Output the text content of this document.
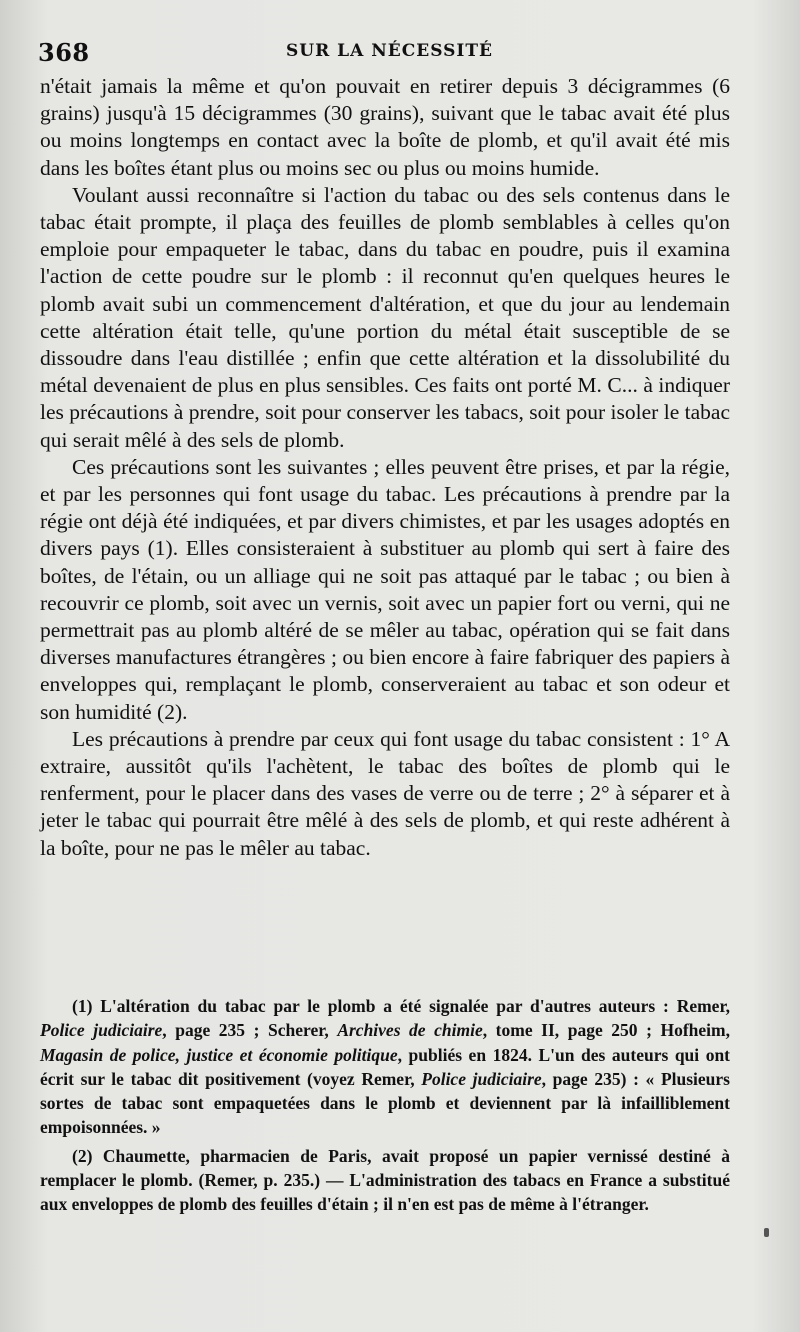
368	SUR LA NÉCESSITÉ

n'était jamais la même et qu'on pouvait en retirer depuis 3 décigrammes (6 grains) jusqu'à 15 décigrammes (30 grains), suivant que le tabac avait été plus ou moins longtemps en contact avec la boîte de plomb, et qu'il avait été mis dans les boîtes étant plus ou moins sec ou plus ou moins humide.

Voulant aussi reconnaître si l'action du tabac ou des sels contenus dans le tabac était prompte, il plaça des feuilles de plomb semblables à celles qu'on emploie pour empaqueter le tabac, dans du tabac en poudre, puis il examina l'action de cette poudre sur le plomb : il reconnut qu'en quelques heures le plomb avait subi un commencement d'altération, et que du jour au lendemain cette altération était telle, qu'une portion du métal était susceptible de se dissoudre dans l'eau distillée ; enfin que cette altération et la dissolubilité du métal devenaient de plus en plus sensibles. Ces faits ont porté M. C... à indiquer les précautions à prendre, soit pour conserver les tabacs, soit pour isoler le tabac qui serait mêlé à des sels de plomb.

Ces précautions sont les suivantes ; elles peuvent être prises, et par la régie, et par les personnes qui font usage du tabac. Les précautions à prendre par la régie ont déjà été indiquées, et par divers chimistes, et par les usages adoptés en divers pays (1). Elles consisteraient à substituer au plomb qui sert à faire des boîtes, de l'étain, ou un alliage qui ne soit pas attaqué par le tabac ; ou bien à recouvrir ce plomb, soit avec un vernis, soit avec un papier fort ou verni, qui ne permettrait pas au plomb altéré de se mêler au tabac, opération qui se fait dans diverses manufactures étrangères ; ou bien encore à faire fabriquer des papiers à enveloppes qui, remplaçant le plomb, conserveraient au tabac et son odeur et son humidité (2).

Les précautions à prendre par ceux qui font usage du tabac consistent : 1° A extraire, aussitôt qu'ils l'achètent, le tabac des boîtes de plomb qui le renferment, pour le placer dans des vases de verre ou de terre ; 2° à séparer et à jeter le tabac qui pourrait être mêlé à des sels de plomb, et qui reste adhérent à la boîte, pour ne pas le mêler au tabac.

(1) L'altération du tabac par le plomb a été signalée par d'autres auteurs : Remer, Police judiciaire, page 235 ; Scherer, Archives de chimie, tome II, page 250 ; Hofheim, Magasin de police, justice et économie politique, publiés en 1824. L'un des auteurs qui ont écrit sur le tabac dit positivement (voyez Remer, Police judiciaire, page 235) : « Plusieurs sortes de tabac sont empaquetées dans le plomb et deviennent par là infailliblement empoisonnées. »

(2) Chaumette, pharmacien de Paris, avait proposé un papier vernissé destiné à remplacer le plomb. (Remer, p. 235.) — L'administration des tabacs en France a substitué aux enveloppes de plomb des feuilles d'étain ; il n'en est pas de même à l'étranger.
